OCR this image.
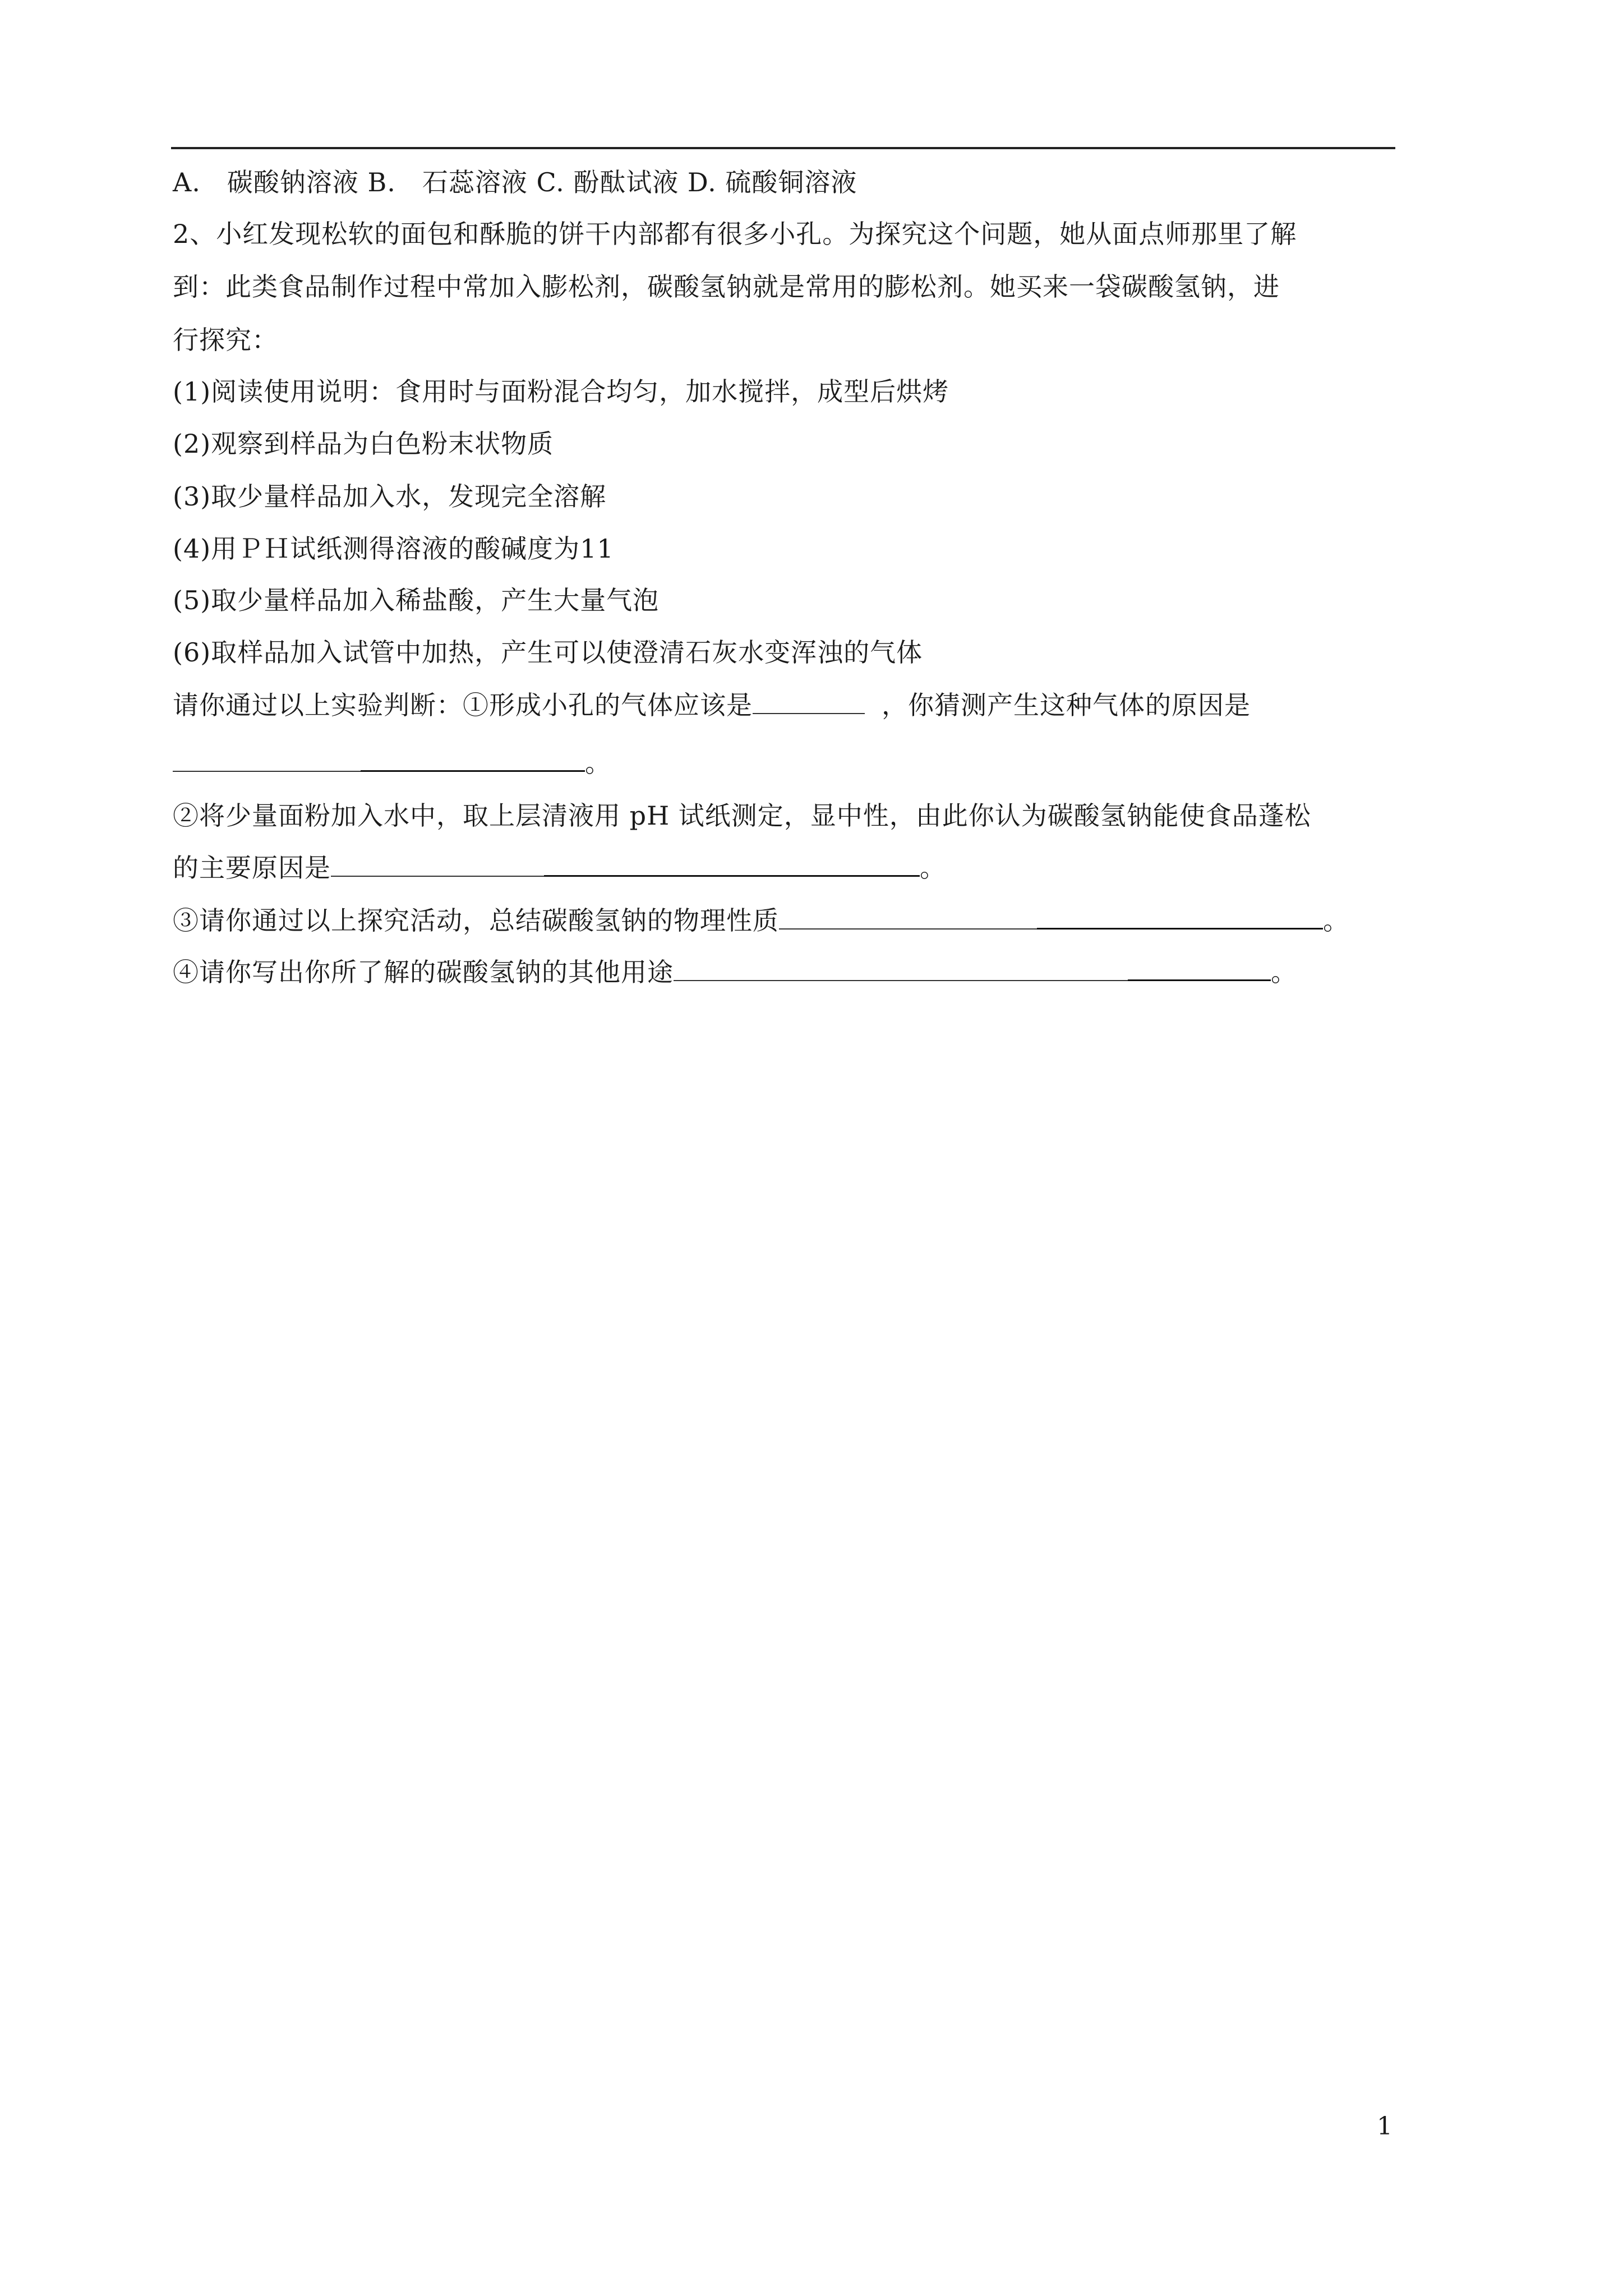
A.　碳酸钠溶液 B.　石蕊溶液 C. 酚酞试液 D. 硫酸铜溶液
2、小红发现松软的面包和酥脆的饼干内部都有很多小孔。为探究这个问题，她从面点师那里了解
到：此类食品制作过程中常加入膨松剂，碳酸氢钠就是常用的膨松剂。她买来一袋碳酸氢钠，进
行探究：
(1)阅读使用说明：食用时与面粉混合均匀，加水搅拌，成型后烘烤
(2)观察到样品为白色粉末状物质
(3)取少量样品加入水，发现完全溶解
(4)用ＰＨ试纸测得溶液的酸碱度为11
(5)取少量样品加入稀盐酸，产生大量气泡
(6)取样品加入试管中加热，产生可以使澄清石灰水变浑浊的气体
请你通过以上实验判断：①形成小孔的气体应该是	，你猜测产生这种气体的原因是
。
②将少量面粉加入水中，取上层清液用 pH 试纸测定，显中性，由此你认为碳酸氢钠能使食品蓬松
的主要原因是	。
③请你通过以上探究活动，总结碳酸氢钠的物理性质	。
④请你写出你所了解的碳酸氢钠的其他用途	。
1
